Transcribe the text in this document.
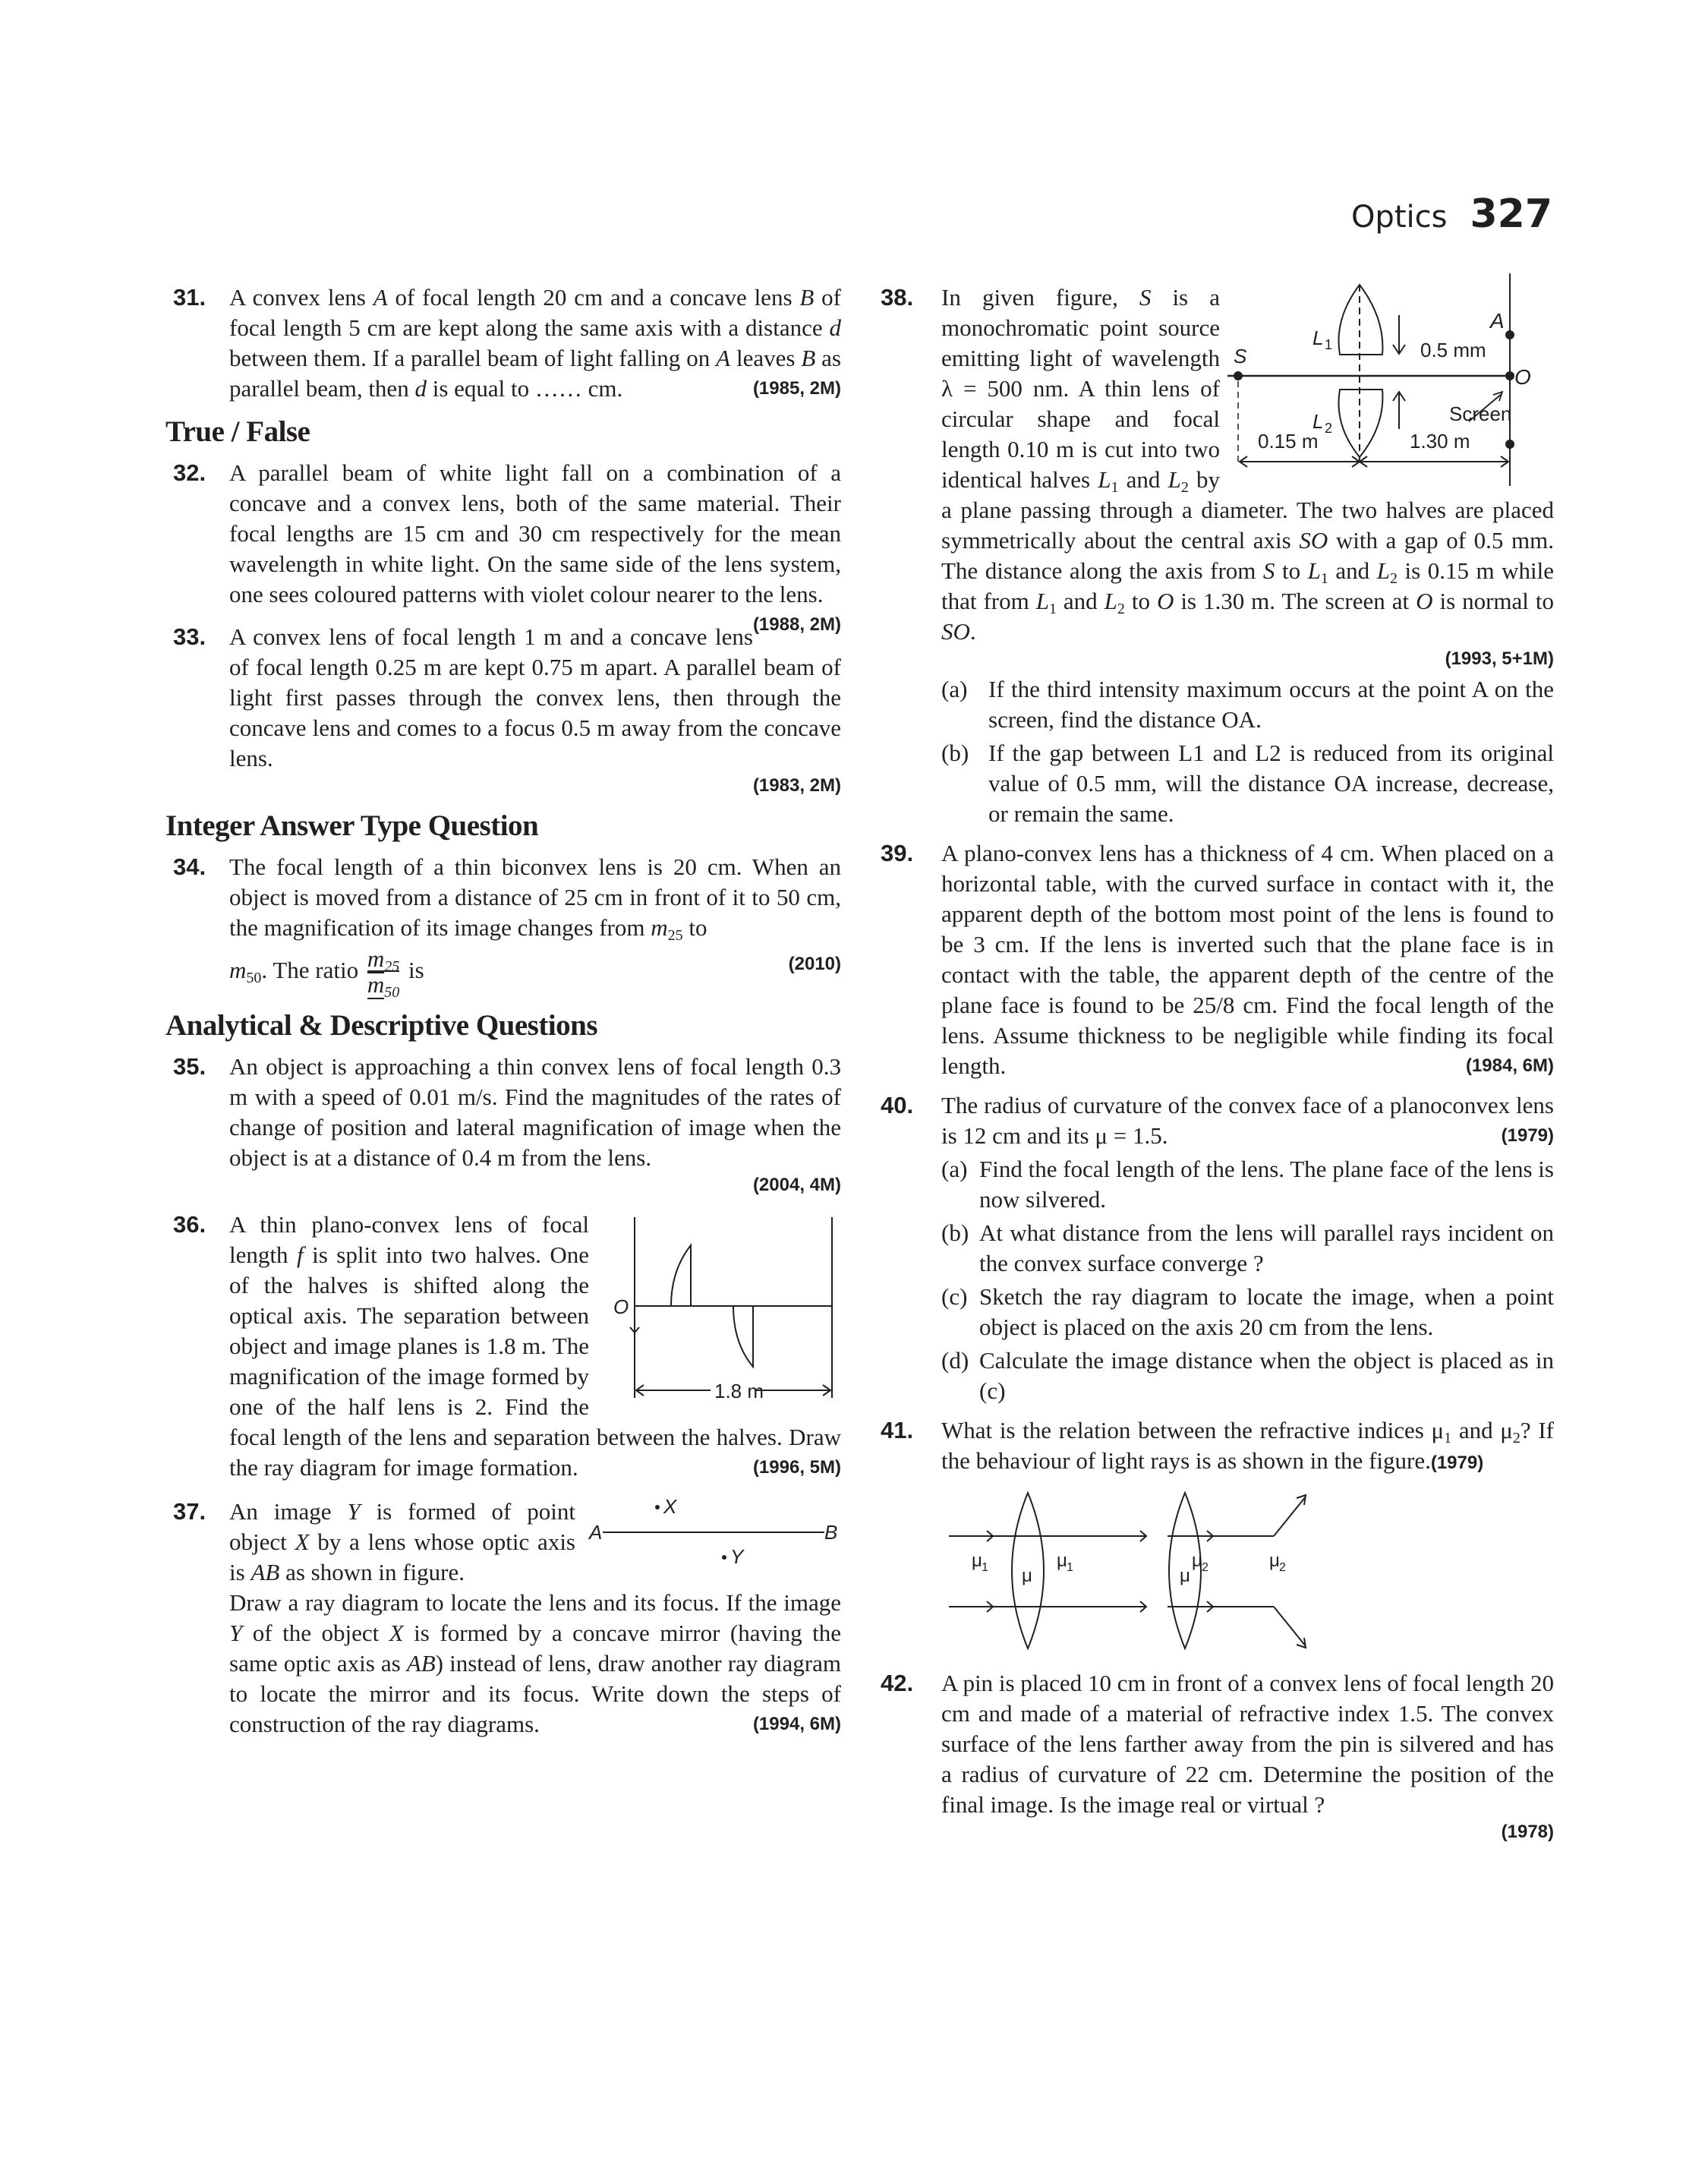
Optics 327
31. A convex lens A of focal length 20 cm and a concave lens B of focal length 5 cm are kept along the same axis with a distance d between them. If a parallel beam of light falling on A leaves B as parallel beam, then d is equal to …… cm.	(1985, 2M)
True / False
32. A parallel beam of white light fall on a combination of a concave and a convex lens, both of the same material. Their focal lengths are 15 cm and 30 cm respectively for the mean wavelength in white light. On the same side of the lens system, one sees coloured patterns with violet colour nearer to the lens.
(1988, 2M)
33. A convex lens of focal length 1 m and a concave lens of focal length 0.25 m are kept 0.75 m apart. A parallel beam of light first passes through the convex lens, then through the concave lens and comes to a focus 0.5 m away from the concave lens.
(1983, 2M)
Integer Answer Type Question
34. The focal length of a thin biconvex lens is 20 cm. When an object is moved from a distance of 25 cm in front of it to 50 cm, the magnification of its image changes from $m_{25}$ to
$m_{50}$. The ratio $\frac{m_{25}}{m_{50}}$ is	(2010)
Analytical & Descriptive Questions
35. An object is approaching a thin convex lens of focal length 0.3 m with a speed of 0.01 m/s. Find the magnitudes of the rates of change of position and lateral magnification of image when the object is at a distance of 0.4 m from the lens.
(2004, 4M)
36.
O
1.8 m
A thin plano-convex lens of focal length f is split into two halves. One of the halves is shifted along the optical axis. The separation between object and image planes is 1.8 m. The magnification of the image formed by one of the half lens is 2. Find the focal length of the lens and separation between the halves. Draw the ray diagram for image formation.	(1996, 5M)
37.	X
A	B
Y
An image Y is formed of point object X by a lens whose optic axis is AB as shown in figure.
Draw a ray diagram to locate the lens and its focus. If the image Y of the object X is formed by a concave mirror (having the same optic axis as AB) instead of lens, draw another ray diagram to locate the mirror and its focus. Write down the steps of construction of the ray diagrams.	(1994, 6M)
38.
S
O
A
L 1
L 2
0.5 mm
Screen
0.15 m	1.30 m
In given figure, S is a monochromatic point source emitting light of wavelength λ = 500 nm. A thin lens of circular shape and focal length 0.10 m is cut into two identical halves $L_1$ and $L_2$ by a plane passing through a diameter. The two halves are placed symmetrically about the central axis SO with a gap of 0.5 mm. The distance along the axis from S to $L_1$ and $L_2$ is 0.15 m while that from $L_1$ and $L_2$ to O is 1.30 m. The screen at O is normal to SO.
(1993, 5+1M)
(a) If the third intensity maximum occurs at the point A on the screen, find the distance OA.
(b) If the gap between L1 and L2 is reduced from its original value of 0.5 mm, will the distance OA increase, decrease, or remain the same.
39. A plano-convex lens has a thickness of 4 cm. When placed on a horizontal table, with the curved surface in contact with it, the apparent depth of the bottom most point of the lens is found to be 3 cm. If the lens is inverted such that the plane face is in contact with the table, the apparent depth of the centre of the plane face is found to be 25/8 cm. Find the focal length of the lens. Assume thickness to be negligible while finding its focal length.	(1984, 6M)
40. The radius of curvature of the convex face of a planoconvex lens is 12 cm and its μ = 1.5.	(1979)
(a) Find the focal length of the lens. The plane face of the lens is now silvered.
(b) At what distance from the lens will parallel rays incident on the convex surface converge ?
(c) Sketch the ray diagram to locate the image, when a point object is placed on the axis 20 cm from the lens.
(d) Calculate the image distance when the object is placed as in (c)
41. What is the relation between the refractive indices $\mu_1$ and $\mu_2$? If the behaviour of light rays is as shown in the figure.(1979)
μ 1 μ
μ 1	μ 2
μ
μ 2
42. A pin is placed 10 cm in front of a convex lens of focal length 20 cm and made of a material of refractive index 1.5. The convex surface of the lens farther away from the pin is silvered and has a radius of curvature of 22 cm. Determine the position of the final image. Is the image real or virtual ?
(1978)
